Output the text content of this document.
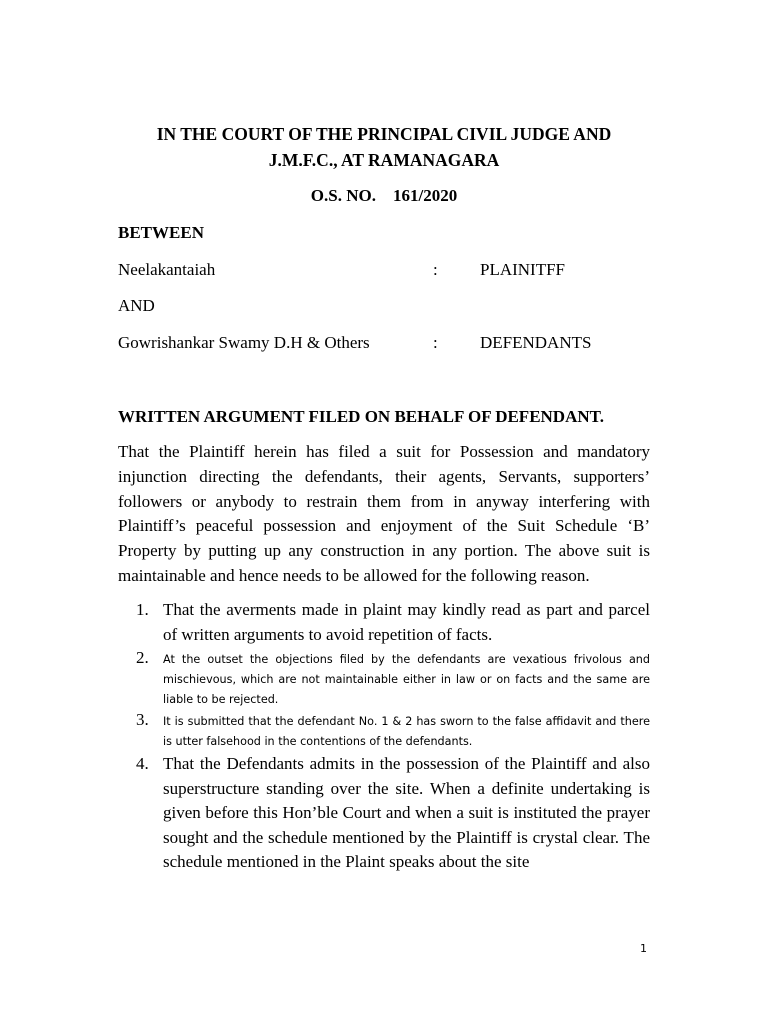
IN THE COURT OF THE PRINCIPAL CIVIL JUDGE AND
J.M.F.C., AT RAMANAGARA
O.S. NO.    161/2020
BETWEEN
Neelakantaiah	: PLAINITFF
AND
Gowrishankar Swamy D.H & Others	: DEFENDANTS
WRITTEN ARGUMENT FILED ON BEHALF OF DEFENDANT.
That the Plaintiff herein has filed a suit for Possession and mandatory injunction directing the defendants, their agents, Servants, supporters’ followers or anybody to restrain them from in anyway interfering with Plaintiff’s peaceful possession and enjoyment of the Suit Schedule ‘B’ Property by putting up any construction in any portion. The above suit is maintainable and hence needs to be allowed for the following reason.
1. That the averments made in plaint may kindly read as part and parcel of written arguments to avoid repetition of facts.
2.	At the outset the objections filed by the defendants are vexatious frivolous and mischievous, which are not maintainable either in law or on facts and the same are liable to be rejected.
3.	It is submitted that the defendant No. 1 & 2 has sworn to the false affidavit and there is utter falsehood in the contentions of the defendants.
4. That the Defendants admits in the possession of the Plaintiff and also superstructure standing over the site. When a definite undertaking is given before this Hon’ble Court and when a suit is instituted the prayer sought and the schedule mentioned by the Plaintiff is crystal clear. The schedule mentioned in the Plaint speaks about the site
1
